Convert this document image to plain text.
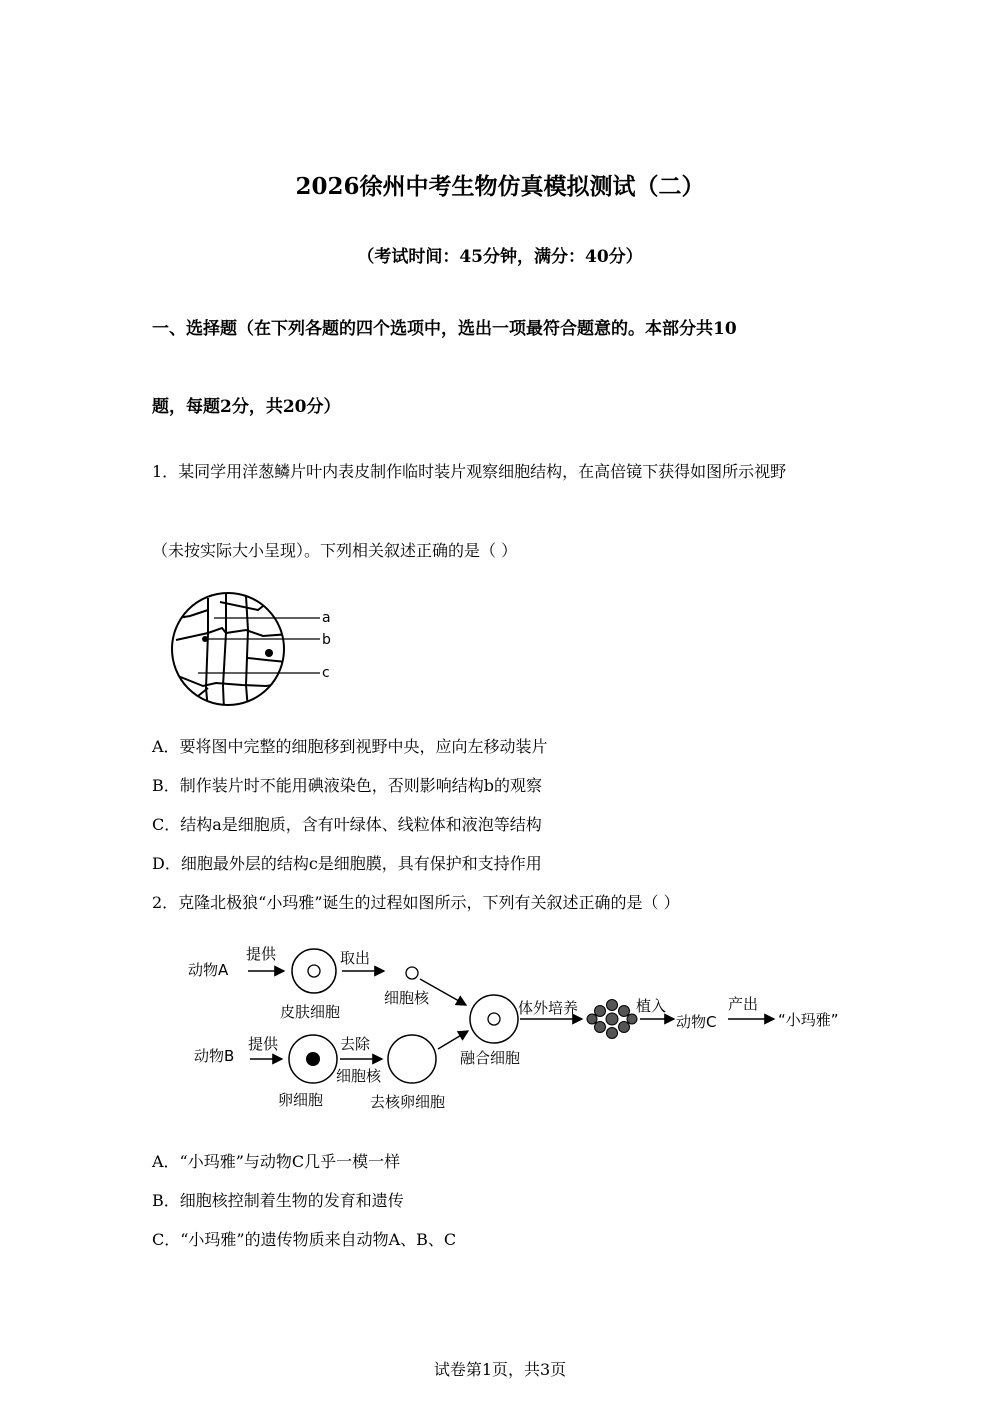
2026徐州中考生物仿真模拟测试（二）
（考试时间：45分钟，满分：40分）
一、选择题（在下列各题的四个选项中，选出一项最符合题意的。本部分共10
题，每题2分，共20分）
1．某同学用洋葱鳞片叶内表皮制作临时装片观察细胞结构，在高倍镜下获得如图所示视野
（未按实际大小呈现）。下列相关叙述正确的是（ ）
a
b
c
A．要将图中完整的细胞移到视野中央，应向左移动装片
B．制作装片时不能用碘液染色，否则影响结构b的观察
C．结构a是细胞质，含有叶绿体、线粒体和液泡等结构
D．细胞最外层的结构c是细胞膜，具有保护和支持作用
2．克隆北极狼“小玛雅”诞生的过程如图所示，下列有关叙述正确的是（ ）
动物A
提供
皮肤细胞
取出
细胞核
动物B
提供
卵细胞
去除
细胞核
去核卵细胞
融合细胞
体外培养	植入
动物C
产出
“小玛雅”
A．“小玛雅”与动物C几乎一模一样
B．细胞核控制着生物的发育和遗传
C．“小玛雅”的遗传物质来自动物A、B、C
试卷第1页，共3页
